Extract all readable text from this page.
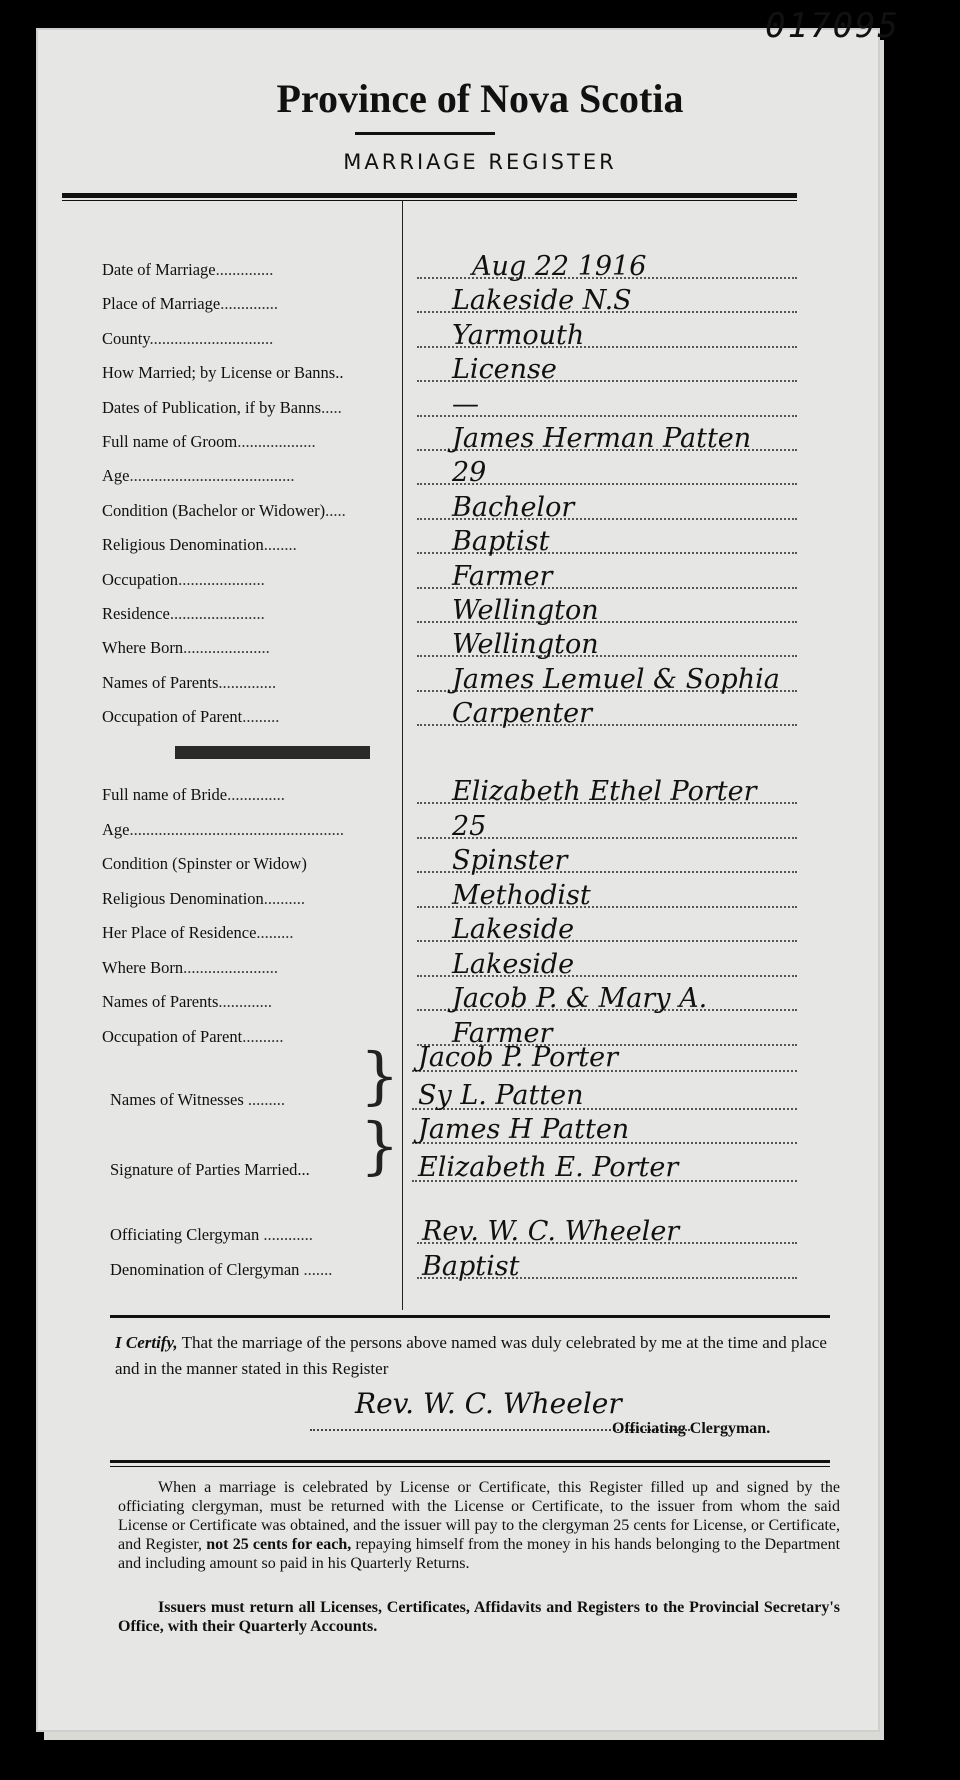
017095
Province of Nova Scotia
MARRIAGE REGISTER
Date of Marriage..............	Aug 22 1916
Place of Marriage..............	Lakeside N.S
County..............................	Yarmouth
How Married; by License or Banns..	License
Dates of Publication, if by Banns.....	—
Full name of Groom...................	James Herman Patten
Age........................................	29
Condition (Bachelor or Widower).....	Bachelor
Religious Denomination........	Baptist
Occupation.....................	Farmer
Residence.......................	Wellington
Where Born.....................	Wellington
Names of Parents..............	James Lemuel & Sophia
Occupation of Parent.........	Carpenter
Full name of Bride..............	Elizabeth Ethel Porter
Age....................................................	25
Condition (Spinster or Widow)	Spinster
Religious Denomination..........	Methodist
Her Place of Residence.........	Lakeside
Where Born.......................	Lakeside
Names of Parents.............	Jacob P. & Mary A.
Occupation of Parent..........	Farmer
Names of Witnesses .........	} Jacob P. Porter
Sy L. Patten
Signature of Parties Married... } James H Patten
Elizabeth E. Porter
Officiating Clergyman ............	Rev. W. C. Wheeler
Denomination of Clergyman .......	Baptist
I Certify, That the marriage of the persons above named was duly celebrated by me at the time and place and in the manner stated in this Register
Rev. W. C. Wheeler
Officiating Clergyman.
When a marriage is celebrated by License or Certificate, this Register filled up and signed by the officiating clergyman, must be returned with the License or Certificate, to the issuer from whom the said License or Certificate was obtained, and the issuer will pay to the clergyman 25 cents for License, or Certificate, and Register, not 25 cents for each, repaying himself from the money in his hands belonging to the Department and including amount so paid in his Quarterly Returns.
Issuers must return all Licenses, Certificates, Affidavits and Registers to the Provincial Secretary's Office, with their Quarterly Accounts.
